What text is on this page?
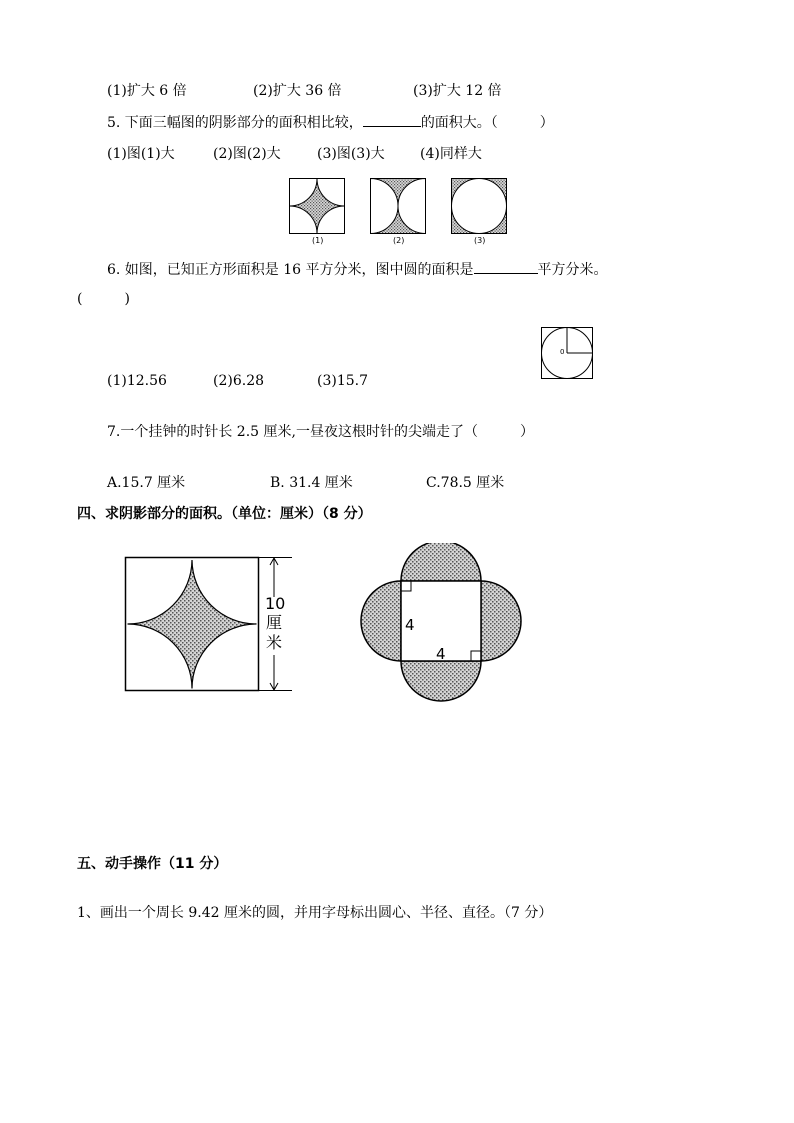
(1)扩大 6 倍	(2)扩大 36 倍	(3)扩大 12 倍
5. 下面三幅图的阴影部分的面积相比较，	的面积大。（　　　）
(1)图(1)大	(2)图(2)大	(3)图(3)大	(4)同样大
(1)	(2)	(3)
6. 如图，已知正方形面积是 16 平方分米，图中圆的面积是	平方分米。
(　　　)
0
(1)12.56	(2)6.28	(3)15.7
7.一个挂钟的时针长 2.5 厘米,一昼夜这根时针的尖端走了（　　　）
A.15.7 厘米	B. 31.4 厘米	C.78.5 厘米
四、求阴影部分的面积。（单位：厘米）（8 分）
10
厘
米
4
4
五、动手操作（11 分）
1、画出一个周长 9.42 厘米的圆，并用字母标出圆心、半径、直径。（7 分）
